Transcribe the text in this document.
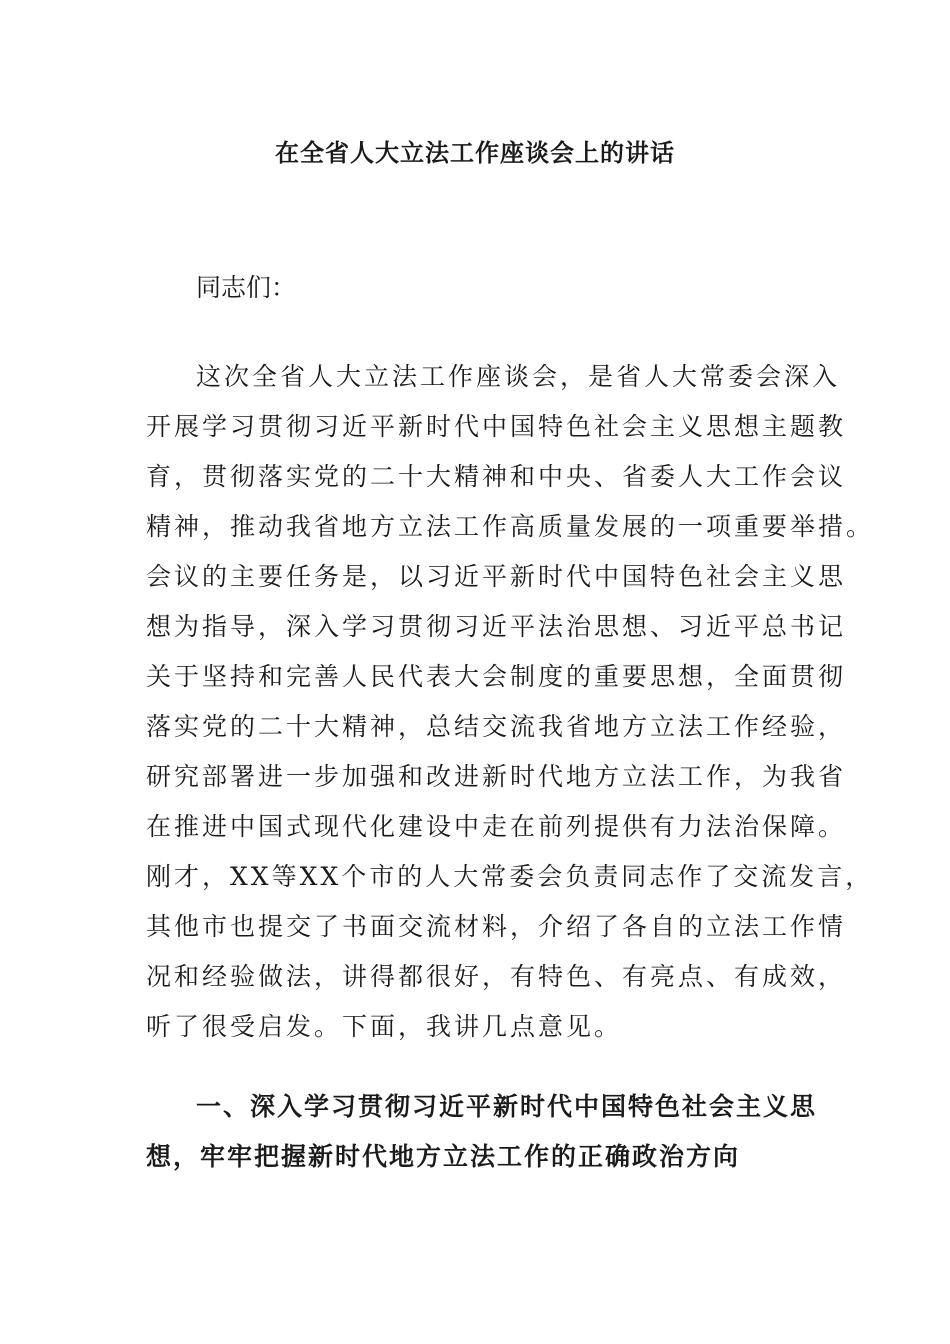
在全省人大立法工作座谈会上的讲话

同志们：

这次全省人大立法工作座谈会，是省人大常委会深入
开展学习贯彻习近平新时代中国特色社会主义思想主题教
育，贯彻落实党的二十大精神和中央、省委人大工作会议
精神，推动我省地方立法工作高质量发展的一项重要举措。
会议的主要任务是，以习近平新时代中国特色社会主义思
想为指导，深入学习贯彻习近平法治思想、习近平总书记
关于坚持和完善人民代表大会制度的重要思想，全面贯彻
落实党的二十大精神，总结交流我省地方立法工作经验，
研究部署进一步加强和改进新时代地方立法工作，为我省
在推进中国式现代化建设中走在前列提供有力法治保障。
刚才，XX等XX个市的人大常委会负责同志作了交流发言，
其他市也提交了书面交流材料，介绍了各自的立法工作情
况和经验做法，讲得都很好，有特色、有亮点、有成效，
听了很受启发。下面，我讲几点意见。
一、深入学习贯彻习近平新时代中国特色社会主义思
想，牢牢把握新时代地方立法工作的正确政治方向
